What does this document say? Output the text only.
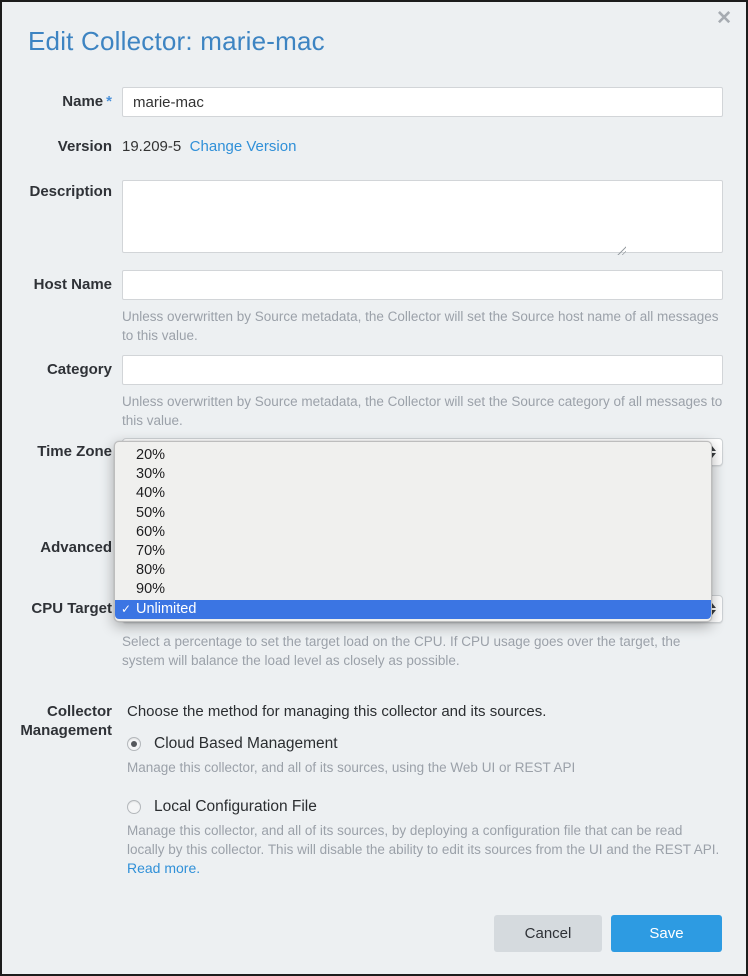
✕
Edit Collector: marie-mac
Name *
marie-mac
Version 19.209-5 Change Version
Description
Host Name
Unless overwritten by Source metadata, the Collector will set the Source host name of all messages to this value.
Category
Unless overwritten by Source metadata, the Collector will set the Source category of all messages to this value.
Time Zone
Advanced
CPU Target
Select a percentage to set the target load on the CPU. If CPU usage goes over the target, the system will balance the load level as closely as possible.
20%
30%
40%
50%
60%
70%
80%
90%
✓ Unlimited
Collector Management
Choose the method for managing this collector and its sources.
Cloud Based Management
Manage this collector, and all of its sources, using the Web UI or REST API
Local Configuration File
Manage this collector, and all of its sources, by deploying a configuration file that can be read locally by this collector. This will disable the ability to edit its sources from the UI and the REST API. Read more.
Cancel	Save
